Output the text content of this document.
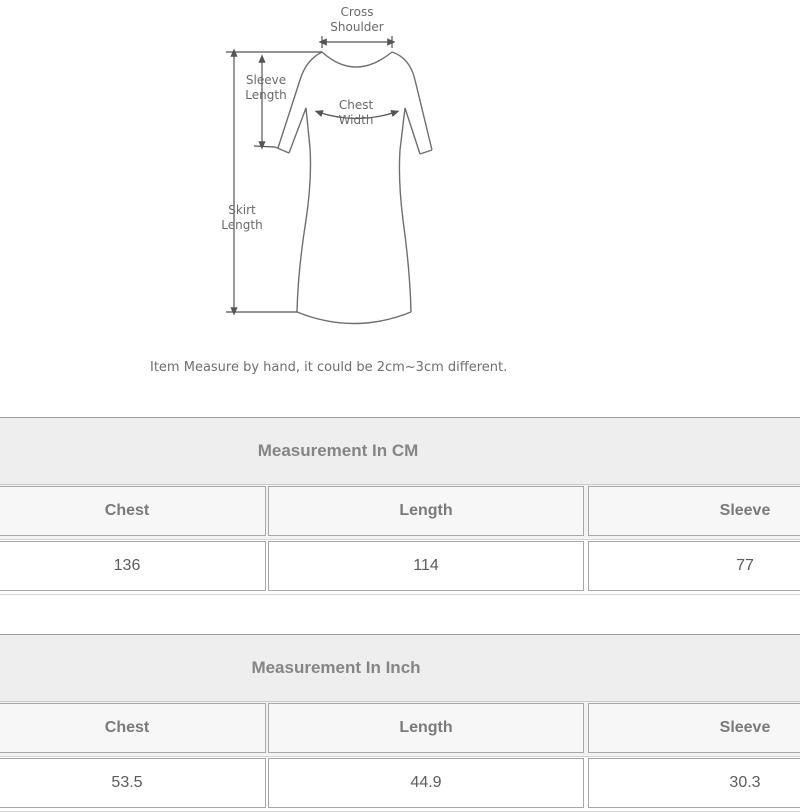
Cross
Shoulder
Sleeve
Length
Chest
Width
Skirt
Length
Item Measure by hand, it could be 2cm~3cm different.
Measurement In CM
Chest	Length	Sleeve
136	114	77
Measurement In Inch
Chest	Length	Sleeve
53.5	44.9	30.3
